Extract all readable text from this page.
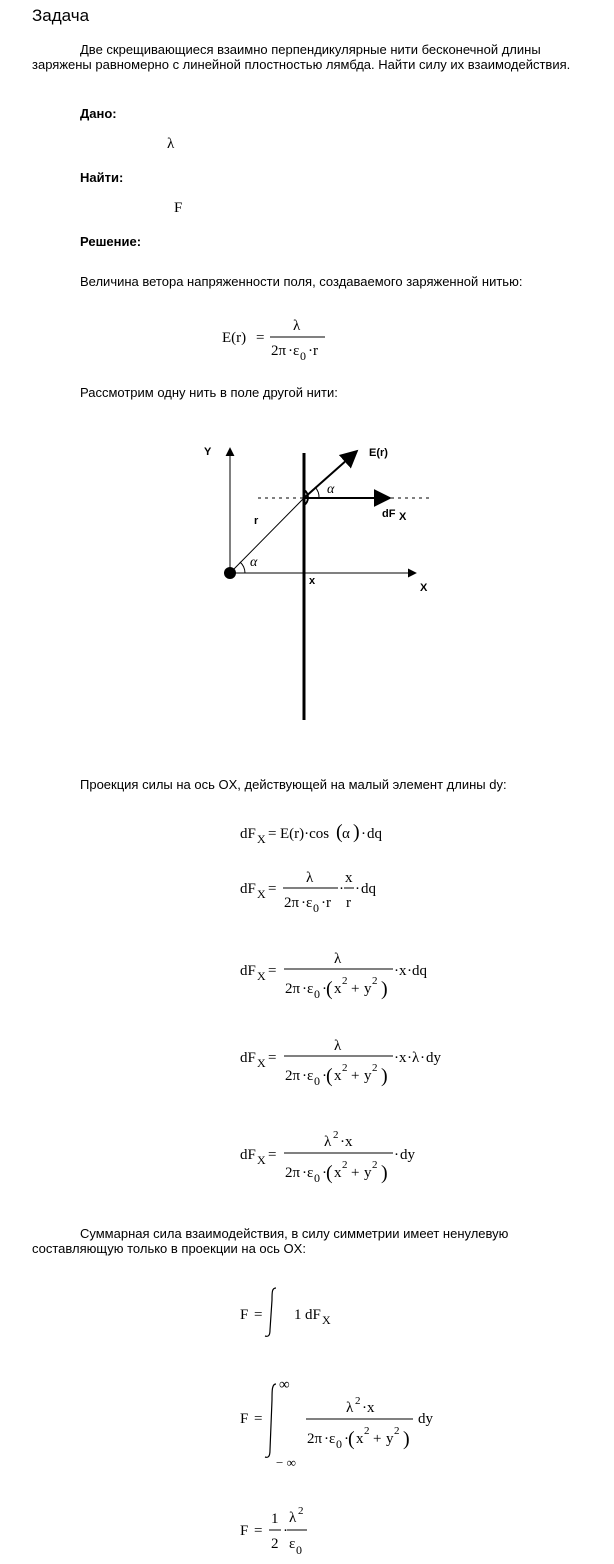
Задача
Две скрещивающиеся взаимно перпендикулярные нити бесконечной длины заряжены равномерно с линейной плостностью лямбда. Найти силу их взаимодействия.
Дано:
λ
Найти:
F
Решение:
Величина ветора напряженности поля, создаваемого заряженной нитью:
Рассмотрим одну нить в поле другой нити:
Проекция силы на ось OX, действующей на малый элемент длины dy:
Суммарная сила взаимодействия, в силу симметрии имеет ненулевую составляющую только в проекции на ось OX:
E(r) =
λ
2π · ε 0 · r
Y
X
x
r
E(r)
dF X
α
α
dF X = E(r)·cos ( α ) · dq
dF X =
λ
2π · ε 0 · r
·
x
r
· dq
dF X =
λ
2π · ε 0 · ( x 2 + y 2 )
· x · dq
dF X =
λ
2π · ε 0 · ( x 2 + y 2 )
· x · λ · dy
dF X =
λ 2 · x
2π · ε 0 · ( x 2 + y 2 )
· dy
F = 1 dF X
F =
∞
− ∞
λ 2 · x
2π · ε 0 · ( x 2 + y 2 )
dy
F =
1
2
·
λ 2
ε 0
